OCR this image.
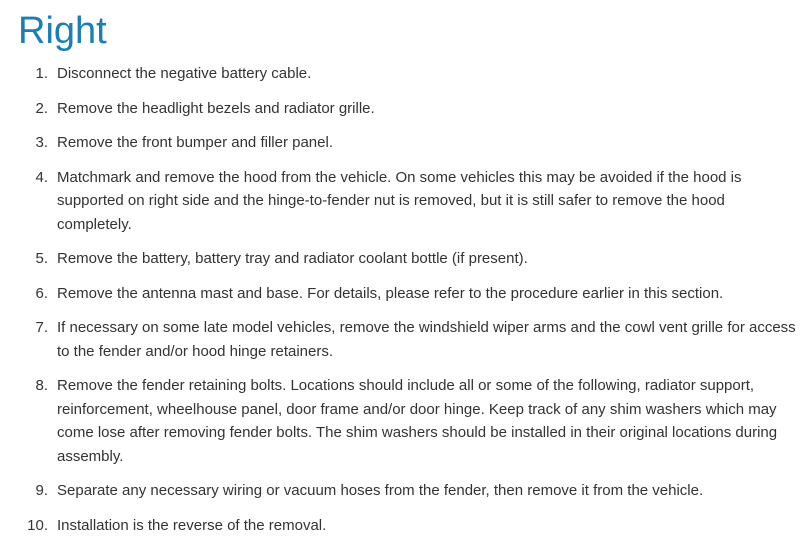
Right
1. Disconnect the negative battery cable.
2. Remove the headlight bezels and radiator grille.
3. Remove the front bumper and filler panel.
4. Matchmark and remove the hood from the vehicle. On some vehicles this may be avoided if the hood is supported on right side and the hinge-to-fender nut is removed, but it is still safer to remove the hood completely.
5. Remove the battery, battery tray and radiator coolant bottle (if present).
6. Remove the antenna mast and base. For details, please refer to the procedure earlier in this section.
7. If necessary on some late model vehicles, remove the windshield wiper arms and the cowl vent grille for access to the fender and/or hood hinge retainers.
8. Remove the fender retaining bolts. Locations should include all or some of the following, radiator support, reinforcement, wheelhouse panel, door frame and/or door hinge. Keep track of any shim washers which may come lose after removing fender bolts. The shim washers should be installed in their original locations during assembly.
9. Separate any necessary wiring or vacuum hoses from the fender, then remove it from the vehicle.
10. Installation is the reverse of the removal.
